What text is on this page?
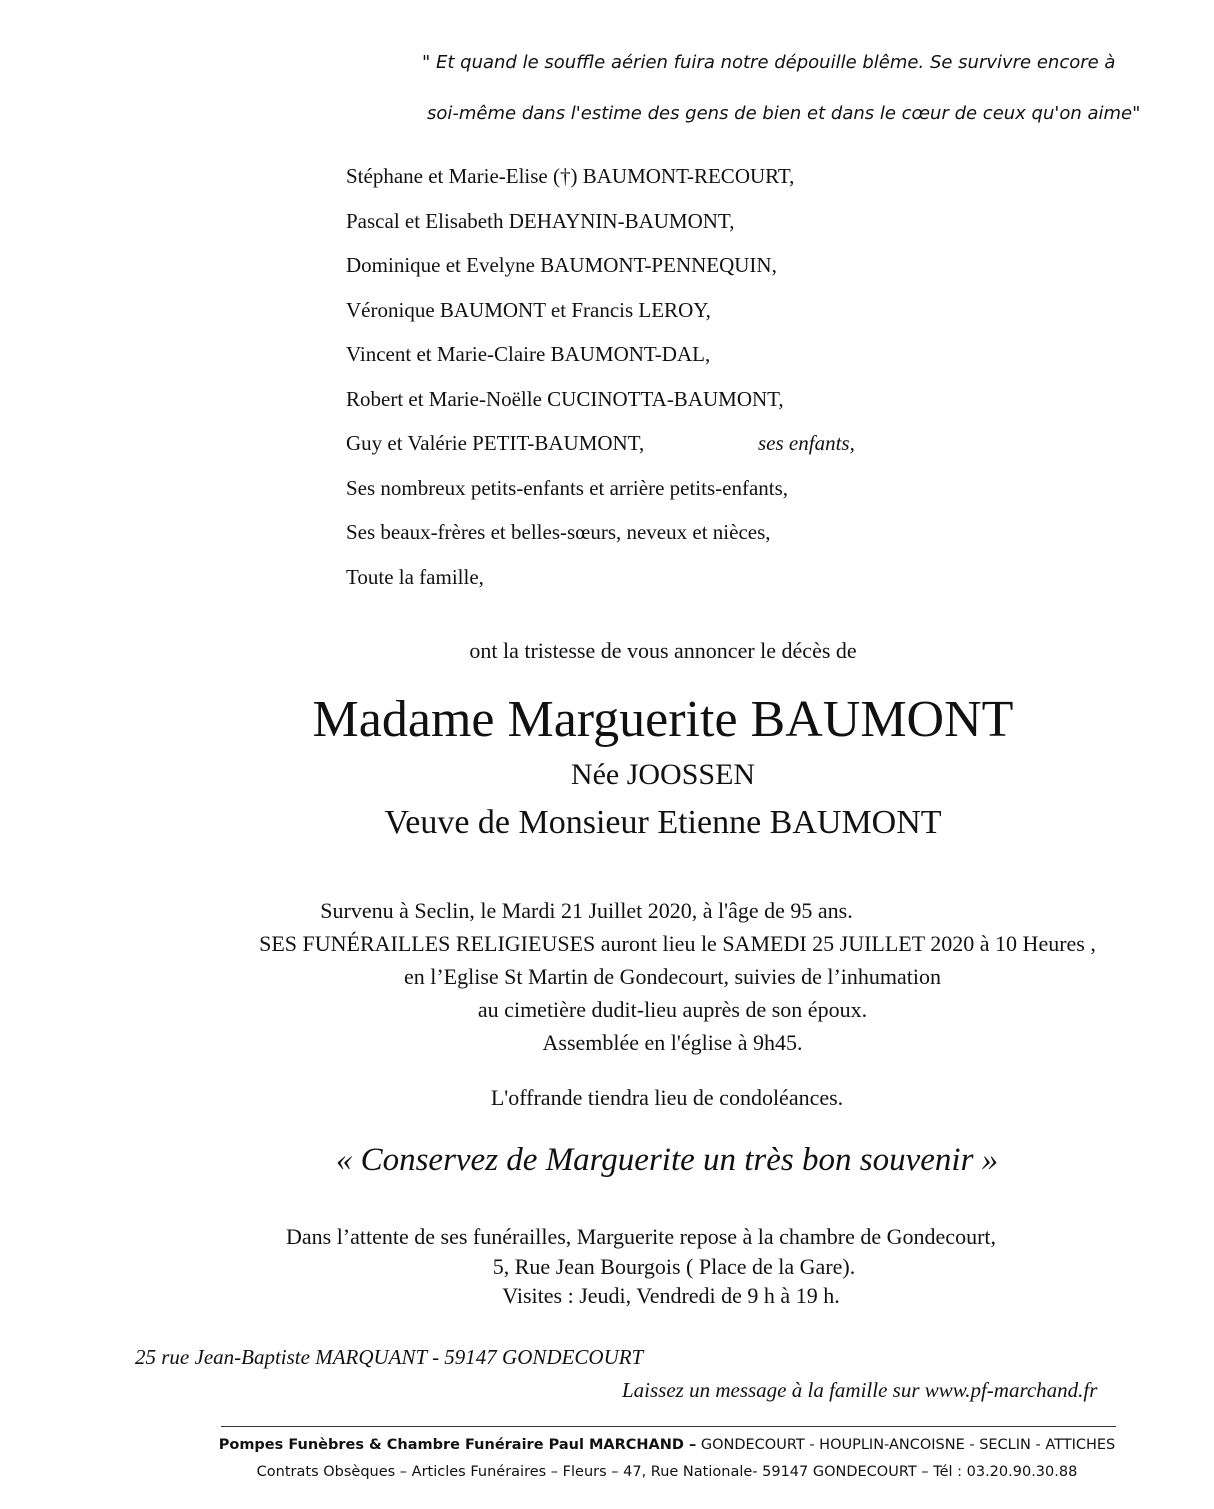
" Et quand le souffle aérien fuira notre dépouille blême. Se survivre encore à
soi-même dans l'estime des gens de bien et dans le cœur de ceux qu'on aime"
Stéphane et Marie-Elise (†) BAUMONT-RECOURT,
Pascal et Elisabeth DEHAYNIN-BAUMONT,
Dominique et Evelyne BAUMONT-PENNEQUIN,
Véronique BAUMONT et Francis LEROY,
Vincent et Marie-Claire BAUMONT-DAL,
Robert et Marie-Noëlle CUCINOTTA-BAUMONT,
Guy et Valérie PETIT-BAUMONT,	ses enfants,
Ses nombreux petits-enfants et arrière petits-enfants,
Ses beaux-frères et belles-sœurs, neveux et nièces,
Toute la famille,
ont la tristesse de vous annoncer le décès de
Madame Marguerite BAUMONT
Née JOOSSEN
Veuve de Monsieur Etienne BAUMONT
Survenu à Seclin, le Mardi 21 Juillet 2020, à l'âge de 95 ans.
SES FUNÉRAILLES RELIGIEUSES auront lieu le SAMEDI 25 JUILLET 2020 à 10 Heures ,
en l’Eglise St Martin de Gondecourt, suivies de l’inhumation
au cimetière dudit-lieu auprès de son époux.
Assemblée en l'église à 9h45.
L'offrande tiendra lieu de condoléances.
« Conservez de Marguerite un très bon souvenir »
Dans l’attente de ses funérailles, Marguerite repose à la chambre de Gondecourt,
5, Rue Jean Bourgois ( Place de la Gare).
Visites : Jeudi, Vendredi de 9 h à 19 h.
25 rue Jean-Baptiste MARQUANT - 59147 GONDECOURT
Laissez un message à la famille sur www.pf-marchand.fr
Pompes Funèbres & Chambre Funéraire Paul MARCHAND – GONDECOURT - HOUPLIN-ANCOISNE - SECLIN - ATTICHES
Contrats Obsèques – Articles Funéraires – Fleurs – 47, Rue Nationale- 59147 GONDECOURT – Tél : 03.20.90.30.88
